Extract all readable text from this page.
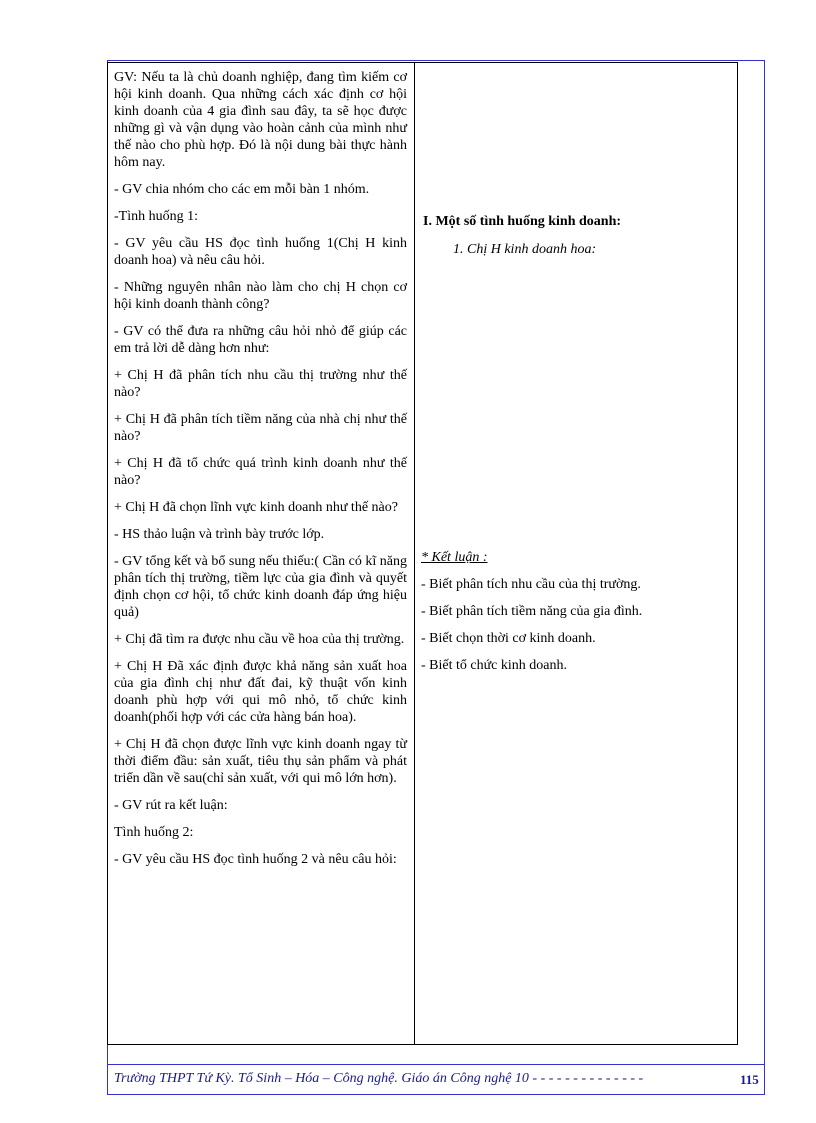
GV: Nếu ta là chủ doanh nghiệp, đang tìm kiếm cơ hội kinh doanh. Qua những cách xác định cơ hội kinh doanh của 4 gia đình sau đây, ta sẽ học được những gì và vận dụng vào hoàn cảnh của mình như thế nào cho phù hợp. Đó là nội dung bài thực hành hôm nay.

- GV chia nhóm cho các em mỗi bàn 1 nhóm.

-Tình huống 1:

- GV yêu cầu HS đọc tình huống 1(Chị H kinh doanh hoa) và nêu câu hỏi.

- Những nguyên nhân nào làm cho chị H chọn cơ hội kinh doanh thành công?

- GV có thể đưa ra những câu hỏi nhỏ để giúp các em trả lời dễ dàng hơn như:

+ Chị H đã phân tích nhu cầu thị trường như thế nào?

+ Chị H đã phân tích tiềm năng của nhà chị như thế nào?

+ Chị H đã tổ chức quá trình kinh doanh như thế nào?

+ Chị H đã chọn lĩnh vực kinh doanh như thế nào?

- HS thảo luận và trình bày trước lớp.

- GV tổng kết và bổ sung nếu thiếu:( Cần có kĩ năng phân tích thị trường, tiềm lực của gia đình và quyết định chọn cơ hội, tổ chức kinh doanh đáp ứng hiệu quả)

+ Chị đã tìm ra được nhu cầu về hoa của thị trường.

+ Chị H Đã xác định được khả năng sản xuất hoa của gia đình chị như đất đai, kỹ thuật vốn kinh doanh phù hợp với qui mô nhỏ, tổ chức kinh doanh(phối hợp với các cửa hàng bán hoa).

+ Chị H đã chọn được lĩnh vực kinh doanh ngay từ thời điểm đầu: sản xuất, tiêu thụ sản phẩm và phát triển dần về sau(chỉ sản xuất, với qui mô lớn hơn).

- GV rút ra kết luận:

Tình huống 2:

- GV yêu cầu HS đọc tình huống 2 và nêu câu hỏi:

I. Một số tình huống kinh doanh:
1. Chị H kinh doanh hoa:

* Kết luận :

- Biết phân tích nhu cầu của thị trường.

- Biết phân tích tiềm năng của gia đình.

- Biết chọn thời cơ kinh doanh.

- Biết tổ chức kinh doanh.

Trường THPT Tứ Kỳ. Tổ Sinh – Hóa – Công nghệ. Giáo án Công nghệ 10 - - - - - - - - - - - - - -	115
